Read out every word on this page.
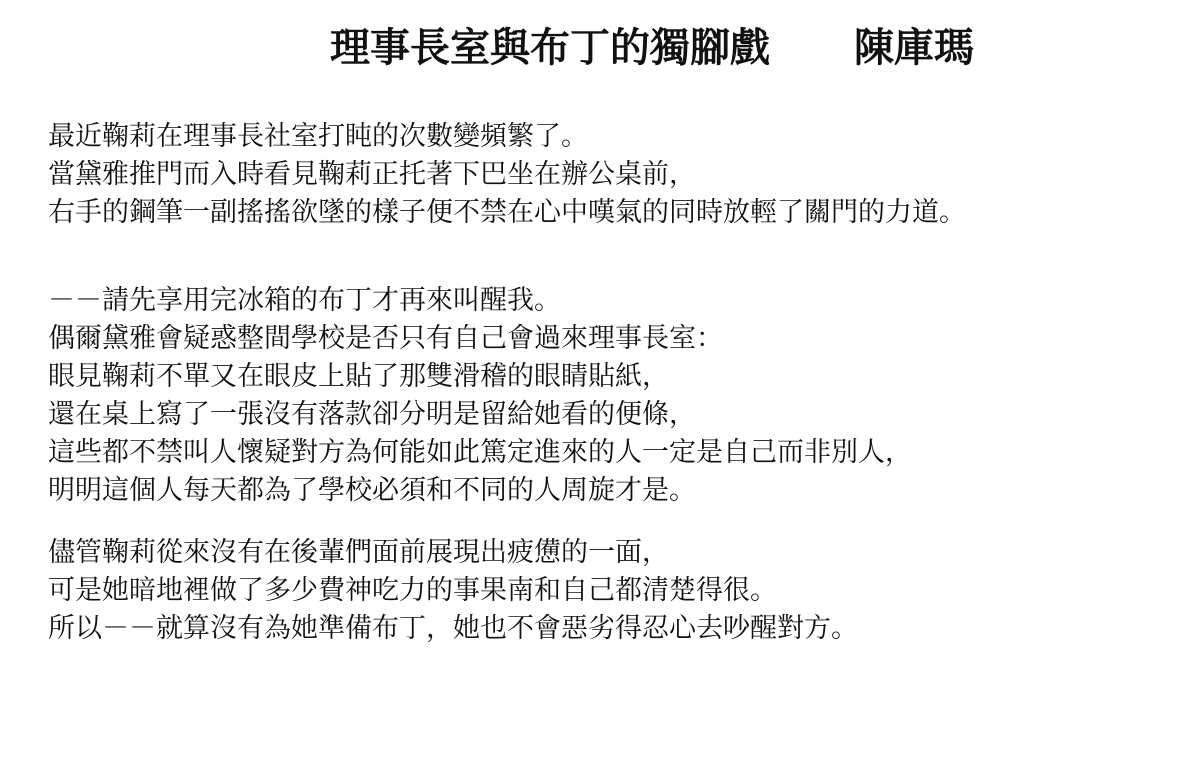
理事長室與布丁的獨腳戲 陳庫瑪
最近鞠莉在理事長社室打盹的次數變頻繁了。
當黛雅推門而入時看見鞠莉正托著下巴坐在辦公桌前，
右手的鋼筆一副搖搖欲墜的樣子便不禁在心中嘆氣的同時放輕了關門的力道。
－－請先享用完冰箱的布丁才再來叫醒我。
偶爾黛雅會疑惑整間學校是否只有自己會過來理事長室：
眼見鞠莉不單又在眼皮上貼了那雙滑稽的眼睛貼紙，
還在桌上寫了一張沒有落款卻分明是留給她看的便條，
這些都不禁叫人懷疑對方為何能如此篤定進來的人一定是自己而非別人，
明明這個人每天都為了學校必須和不同的人周旋才是。
儘管鞠莉從來沒有在後輩們面前展現出疲憊的一面，
可是她暗地裡做了多少費神吃力的事果南和自己都清楚得很。
所以－－就算沒有為她準備布丁，她也不會惡劣得忍心去吵醒對方。
